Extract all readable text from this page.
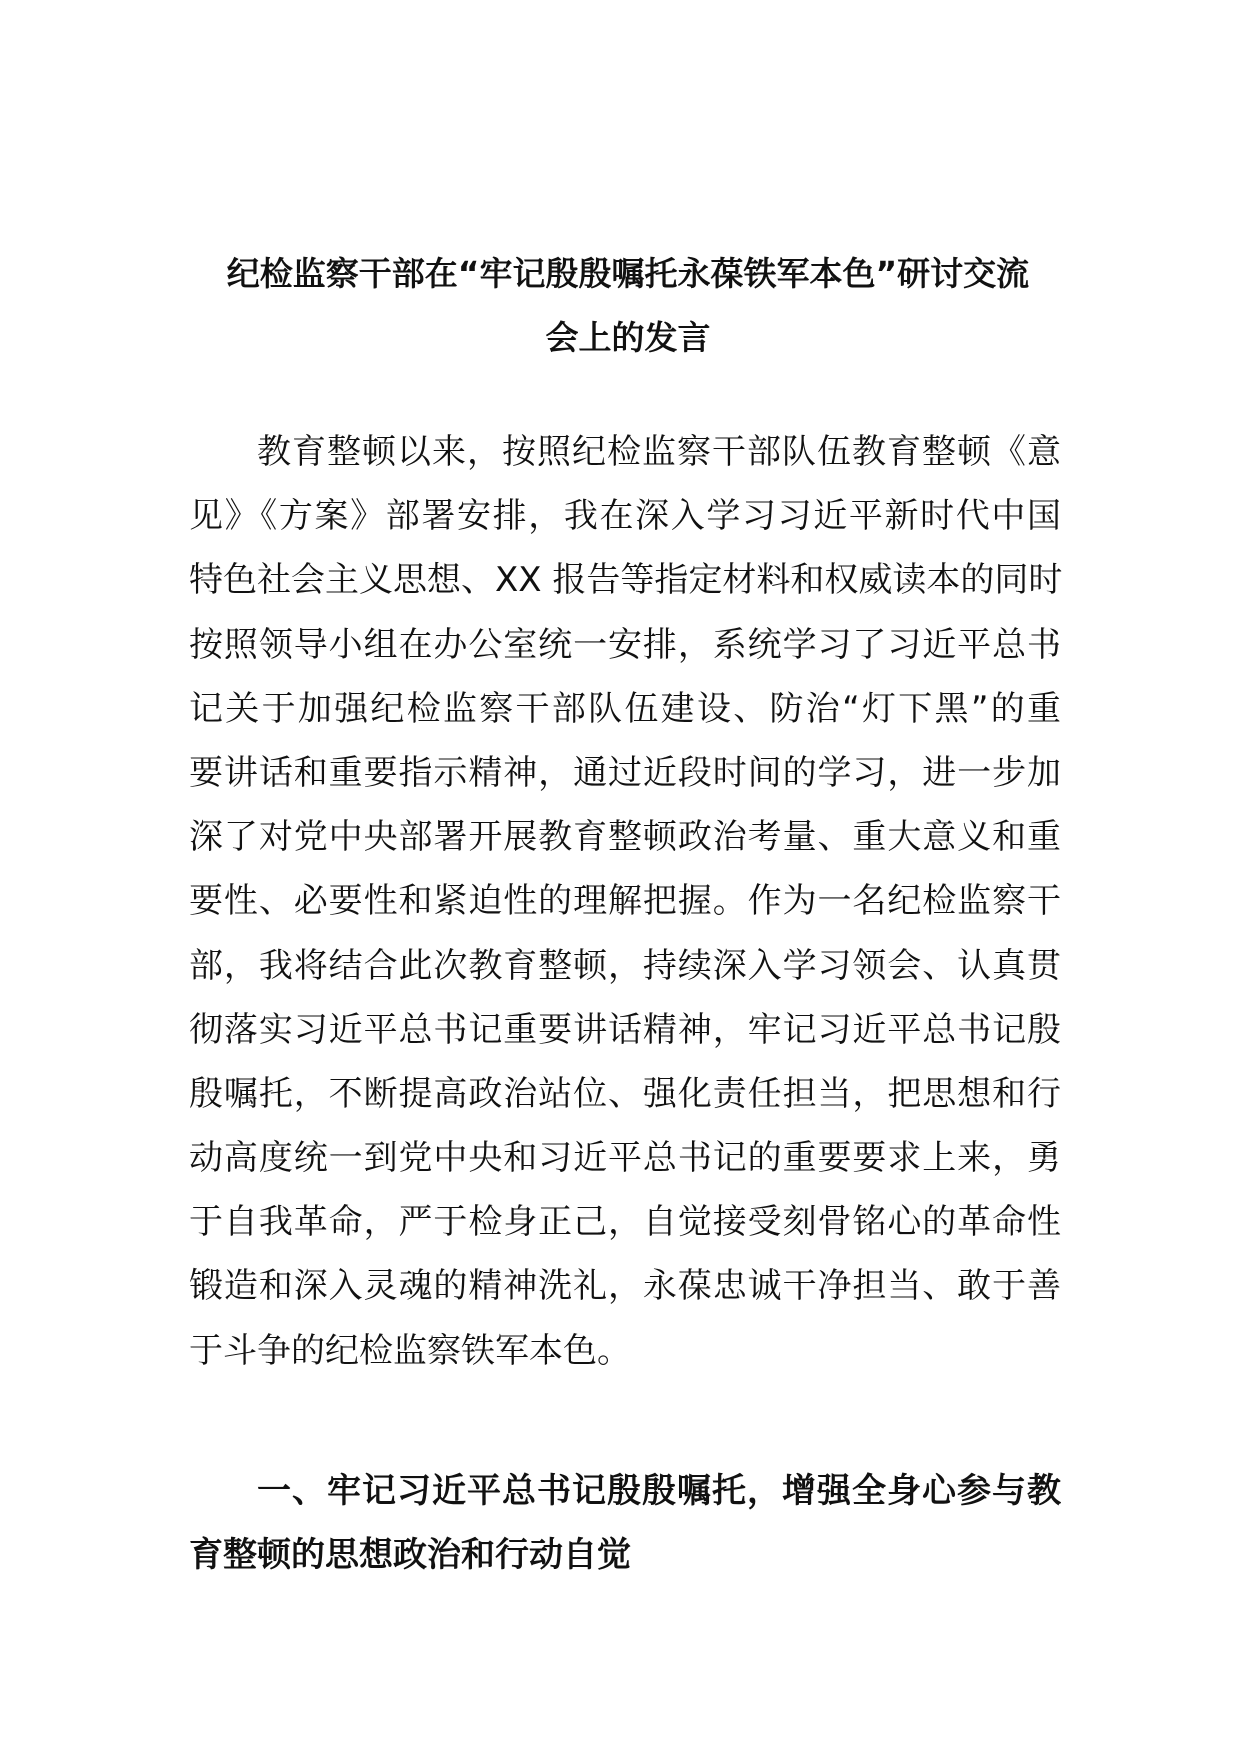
纪检监察干部在“牢记殷殷嘱托永葆铁军本色”研讨交流
会上的发言
教育整顿以来，按照纪检监察干部队伍教育整顿《意
见》《方案》部署安排，我在深入学习习近平新时代中国
特色社会主义思想、XX 报告等指定材料和权威读本的同时
按照领导小组在办公室统一安排，系统学习了习近平总书
记关于加强纪检监察干部队伍建设、防治“灯下黑”的重
要讲话和重要指示精神，通过近段时间的学习，进一步加
深了对党中央部署开展教育整顿政治考量、重大意义和重
要性、必要性和紧迫性的理解把握。作为一名纪检监察干
部，我将结合此次教育整顿，持续深入学习领会、认真贯
彻落实习近平总书记重要讲话精神，牢记习近平总书记殷
殷嘱托，不断提高政治站位、强化责任担当，把思想和行
动高度统一到党中央和习近平总书记的重要要求上来，勇
于自我革命，严于检身正己，自觉接受刻骨铭心的革命性
锻造和深入灵魂的精神洗礼，永葆忠诚干净担当、敢于善
于斗争的纪检监察铁军本色。
一、牢记习近平总书记殷殷嘱托，增强全身心参与教
育整顿的思想政治和行动自觉
